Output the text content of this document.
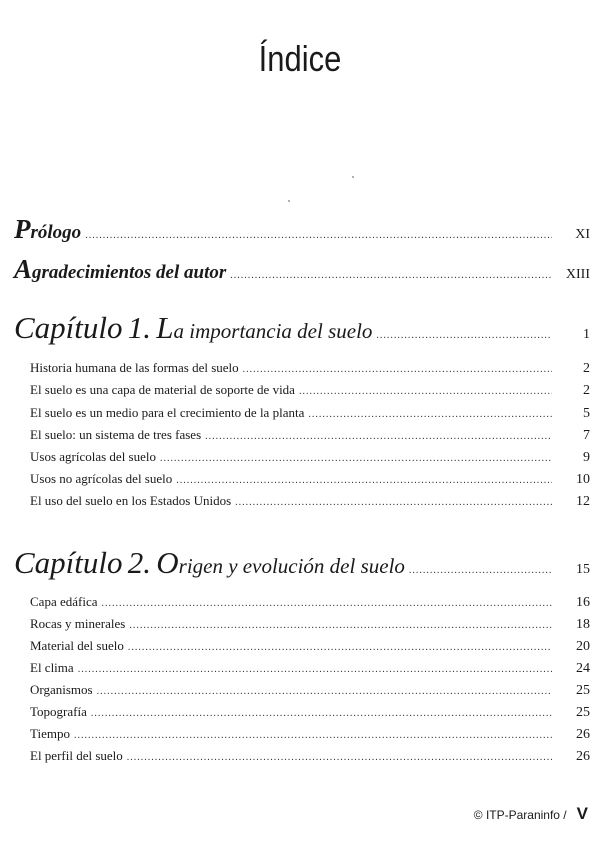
Índice
Prólogo .....	XI
Agradecimientos del autor .....	XIII
Capítulo 1. La importancia del suelo .....	1
Historia humana de las formas del suelo .....	2
El suelo es una capa de material de soporte de vida .....	2
El suelo es un medio para el crecimiento de la planta .....	5
El suelo: un sistema de tres fases .....	7
Usos agrícolas del suelo .....	9
Usos no agrícolas del suelo .....	10
El uso del suelo en los Estados Unidos .....	12
Capítulo 2. Origen y evolución del suelo .....	15
Capa edáfica .....	16
Rocas y minerales .....	18
Material del suelo .....	20
El clima .....	24
Organismos .....	25
Topografía .....	25
Tiempo .....	26
El perfil del suelo .....	26
© ITP-Paraninfo / V
